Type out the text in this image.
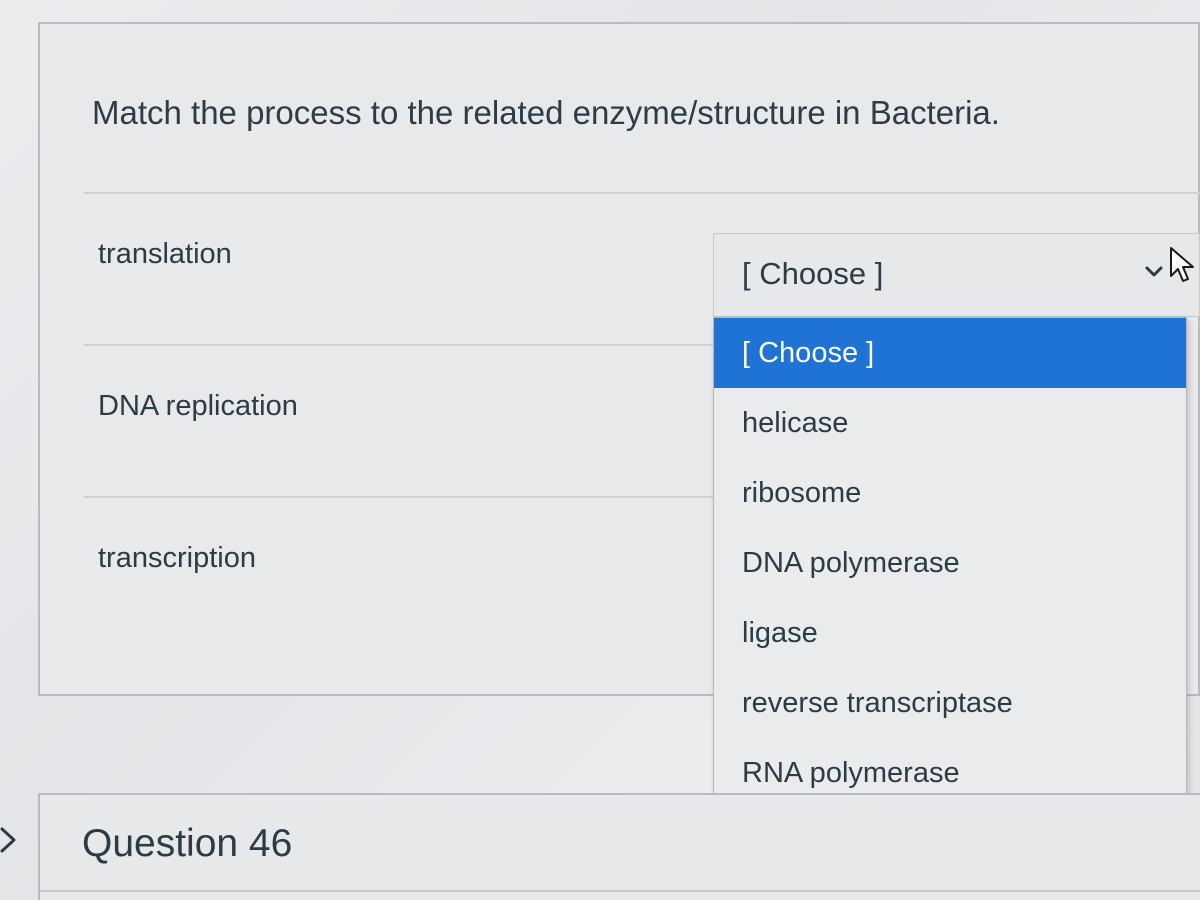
Match the process to the related enzyme/structure in Bacteria.
translation
DNA replication
transcription
[ Choose ]
[ Choose ]
helicase
ribosome
DNA polymerase
ligase
reverse transcriptase
RNA polymerase
Question 46
